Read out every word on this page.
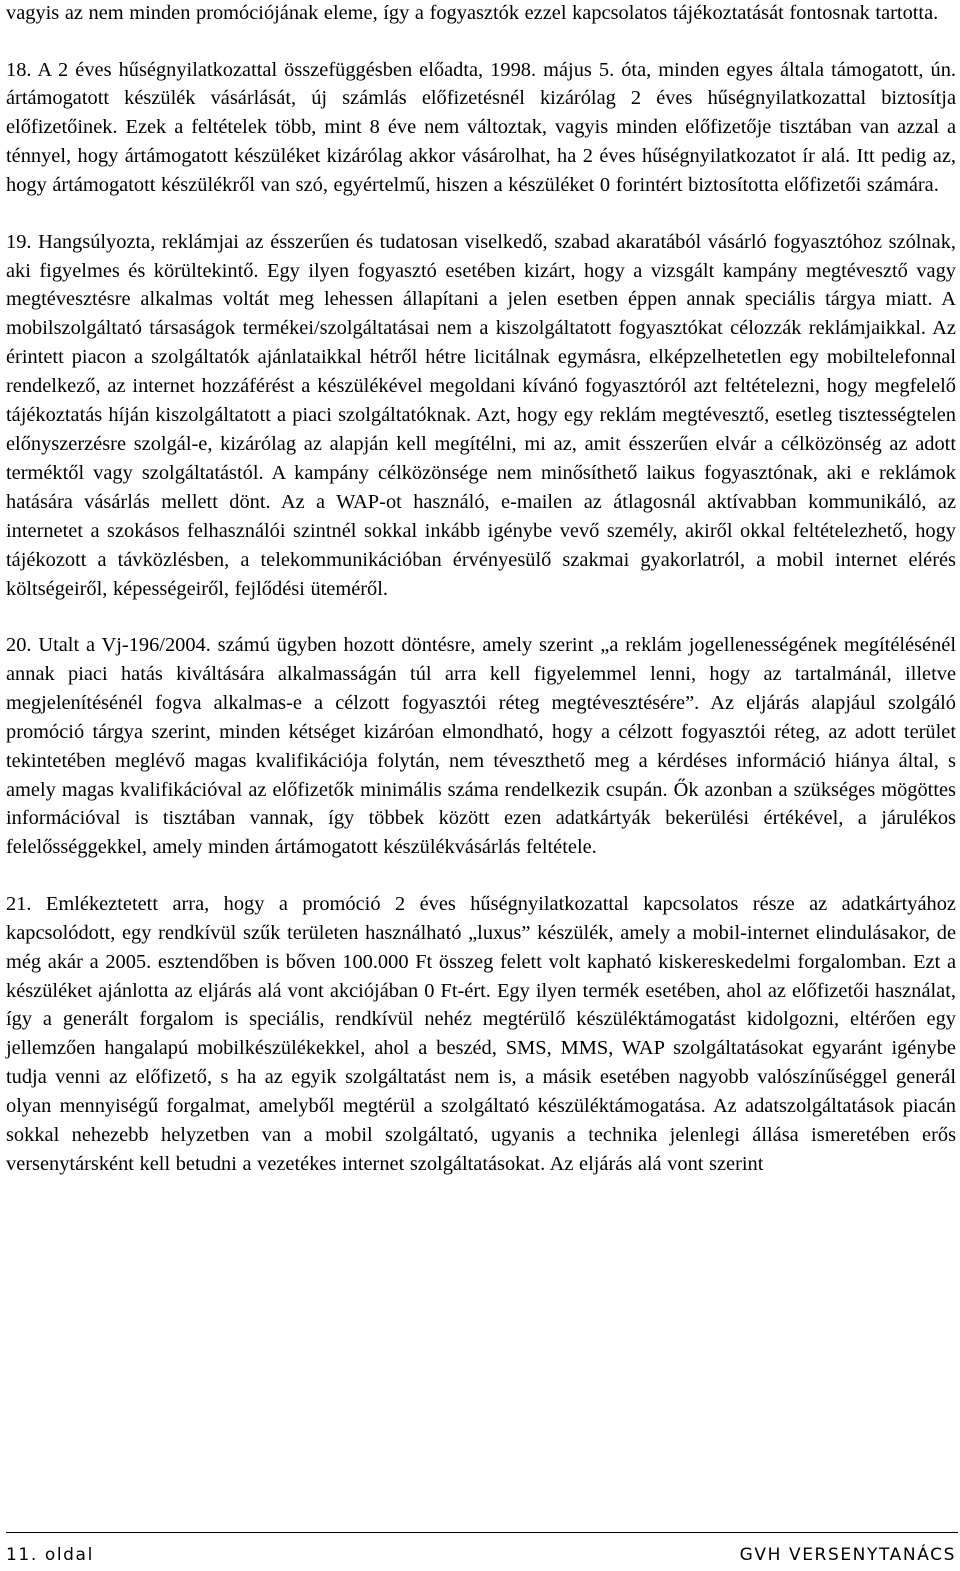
vagyis az nem minden promóciójának eleme, így a fogyasztók ezzel kapcsolatos tájékoztatását fontosnak tartotta.

18. A 2 éves hűségnyilatkozattal összefüggésben előadta, 1998. május 5. óta, minden egyes általa támogatott, ún. ártámogatott készülék vásárlását, új számlás előfizetésnél kizárólag 2 éves hűségnyilatkozattal biztosítja előfizetőinek. Ezek a feltételek több, mint 8 éve nem változtak, vagyis minden előfizetője tisztában van azzal a ténnyel, hogy ártámogatott készüléket kizárólag akkor vásárolhat, ha 2 éves hűségnyilatkozatot ír alá. Itt pedig az, hogy ártámogatott készülékről van szó, egyértelmű, hiszen a készüléket 0 forintért biztosította előfizetői számára.

19. Hangsúlyozta, reklámjai az ésszerűen és tudatosan viselkedő, szabad akaratából vásárló fogyasztóhoz szólnak, aki figyelmes és körültekintő. Egy ilyen fogyasztó esetében kizárt, hogy a vizsgált kampány megtévesztő vagy megtévesztésre alkalmas voltát meg lehessen állapítani a jelen esetben éppen annak speciális tárgya miatt. A mobilszolgáltató társaságok termékei/szolgáltatásai nem a kiszolgáltatott fogyasztókat célozzák reklámjaikkal. Az érintett piacon a szolgáltatók ajánlataikkal hétről hétre licitálnak egymásra, elképzelhetetlen egy mobiltelefonnal rendelkező, az internet hozzáférést a készülékével megoldani kívánó fogyasztóról azt feltételezni, hogy megfelelő tájékoztatás híján kiszolgáltatott a piaci szolgáltatóknak. Azt, hogy egy reklám megtévesztő, esetleg tisztességtelen előnyszerzésre szolgál-e, kizárólag az alapján kell megítélni, mi az, amit ésszerűen elvár a célközönség az adott terméktől vagy szolgáltatástól. A kampány célközönsége nem minősíthető laikus fogyasztónak, aki e reklámok hatására vásárlás mellett dönt. Az a WAP-ot használó, e-mailen az átlagosnál aktívabban kommunikáló, az internetet a szokásos felhasználói szintnél sokkal inkább igénybe vevő személy, akiről okkal feltételezhető, hogy tájékozott a távközlésben, a telekommunikációban érvényesülő szakmai gyakorlatról, a mobil internet elérés költségeiről, képességeiről, fejlődési üteméről.

20. Utalt a Vj-196/2004. számú ügyben hozott döntésre, amely szerint „a reklám jogellenességének megítélésénél annak piaci hatás kiváltására alkalmasságán túl arra kell figyelemmel lenni, hogy az tartalmánál, illetve megjelenítésénél fogva alkalmas-e a célzott fogyasztói réteg megtévesztésére”. Az eljárás alapjául szolgáló promóció tárgya szerint, minden kétséget kizáróan elmondható, hogy a célzott fogyasztói réteg, az adott terület tekintetében meglévő magas kvalifikációja folytán, nem téveszthető meg a kérdéses információ hiánya által, s amely magas kvalifikációval az előfizetők minimális száma rendelkezik csupán. Ők azonban a szükséges mögöttes információval is tisztában vannak, így többek között ezen adatkártyák bekerülési értékével, a járulékos felelősséggekkel, amely minden ártámogatott készülékvásárlás feltétele.

21. Emlékeztetett arra, hogy a promóció 2 éves hűségnyilatkozattal kapcsolatos része az adatkártyához kapcsolódott, egy rendkívül szűk területen használható „luxus” készülék, amely a mobil-internet elindulásakor, de még akár a 2005. esztendőben is bőven 100.000 Ft összeg felett volt kapható kiskereskedelmi forgalomban. Ezt a készüléket ajánlotta az eljárás alá vont akciójában 0 Ft-ért. Egy ilyen termék esetében, ahol az előfizetői használat, így a generált forgalom is speciális, rendkívül nehéz megtérülő készüléktámogatást kidolgozni, eltérően egy jellemzően hangalapú mobilkészülékekkel, ahol a beszéd, SMS, MMS, WAP szolgáltatásokat egyaránt igénybe tudja venni az előfizető, s ha az egyik szolgáltatást nem is, a másik esetében nagyobb valószínűséggel generál olyan mennyiségű forgalmat, amelyből megtérül a szolgáltató készüléktámogatása. Az adatszolgáltatások piacán sokkal nehezebb helyzetben van a mobil szolgáltató, ugyanis a technika jelenlegi állása ismeretében erős versenytársként kell betudni a vezetékes internet szolgáltatásokat. Az eljárás alá vont szerint

11. oldal	GVH VERSENYTANÁCS
